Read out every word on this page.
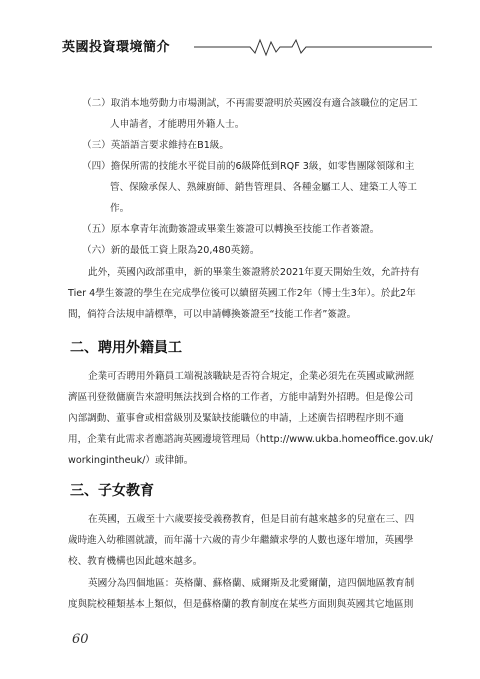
英國投資環境簡介
（二）取消本地勞動力市場測試，不再需要證明於英國沒有適合該職位的定居工
人申請者，才能聘用外籍人士。
（三）英語語言要求維持在B1級。
（四）擔保所需的技能水平從目前的6級降低到RQF 3級，如零售團隊領隊和主
管、保險承保人、熟練廚師、銷售管理員、各種金屬工人、建築工人等工
作。
（五）原本拿青年流動簽證或畢業生簽證可以轉換至技能工作者簽證。
（六）新的最低工資上限為20,480英鎊。
此外，英國內政部重申，新的畢業生簽證將於2021年夏天開始生效，允許持有
Tier 4學生簽證的學生在完成學位後可以續留英國工作2年（博士生3年）。於此2年
間，倘符合法規申請標準，可以申請轉換簽證至“技能工作者”簽證。
二、聘用外籍員工
企業可否聘用外籍員工端視該職缺是否符合規定，企業必須先在英國或歐洲經
濟區刊登徵傭廣告來證明無法找到合格的工作者，方能申請對外招聘。但是像公司
內部調動、董事會或相當級別及緊缺技能職位的申請，上述廣告招聘程序則不適
用，企業有此需求者應諮詢英國邊境管理局（http://www.ukba.homeoffice.gov.uk/
workingintheuk/）或律師。
三、子女教育
在英國，五歲至十六歲要接受義務教育，但是目前有越來越多的兒童在三、四
歲時進入幼稚園就讀，而年滿十六歲的青少年繼續求學的人數也逐年增加，英國學
校、教育機構也因此越來越多。
英國分為四個地區：英格蘭、蘇格蘭、威爾斯及北愛爾蘭，這四個地區教育制
度與院校種類基本上類似，但是蘇格蘭的教育制度在某些方面則與英國其它地區則
60
